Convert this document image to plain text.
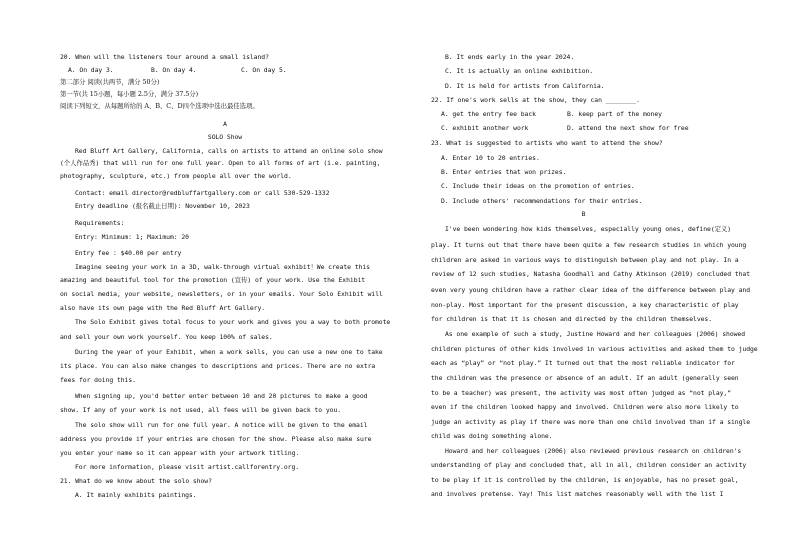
20. When will the listeners tour around a small island?
A. On day 3.	B. On day 4.	C. On day 5.
第二部分 阅读(共两节，满分 50分)
第一节(共 15小题，每小题 2.5分，满分 37.5分)
阅读下列短文，从每题所给的 A、B、C、D四个选项中选出最佳选项。
A
SOLO Show
Red Bluff Art Gallery, California, calls on artists to attend an online solo show
(个人作品秀) that will run for one full year. Open to all forms of art (i.e. painting,
photography, sculpture, etc.) from people all over the world.
Contact: email director@redbluffartgallery.com or call 530-529-1332
Entry deadline (报名截止日期): November 10, 2023
Requirements:
Entry: Minimum: 1; Maximum: 20
Entry fee : $40.00 per entry
Imagine seeing your work in a 3D, walk-through virtual exhibit！We create this
amazing and beautiful tool for the promotion (宣传) of your work. Use the Exhibit
on social media, your website, newsletters, or in your emails. Your Solo Exhibit will
also have its own page with the Red Bluff Art Gallery.
The Solo Exhibit gives total focus to your work and gives you a way to both promote
and sell your own work yourself. You keep 100% of sales.
During the year of your Exhibit, when a work sells, you can use a new one to take
its place. You can also make changes to descriptions and prices. There are no extra
fees for doing this.
When signing up, you'd better enter between 10 and 20 pictures to make a good
show. If any of your work is not used, all fees will be given back to you.
The solo show will run for one full year. A notice will be given to the email
address you provide if your entries are chosen for the show. Please also make sure
you enter your name so it can appear with your artwork titling.
For more information, please visit artist.callforentry.org.
21. What do we know about the solo show?
A. It mainly exhibits paintings.
B. It ends early in the year 2024.
C. It is actually an online exhibition.
D. It is held for artists from California.
22. If one's work sells at the show, they can ________.
A. get the entry fee back	B. keep part of the money
C. exhibit another work	D. attend the next show for free
23. What is suggested to artists who want to attend the show?
A. Enter 10 to 20 entries.
B. Enter entries that won prizes.
C. Include their ideas on the promotion of entries.
D. Include others' recommendations for their entries.
B
I've been wondering how kids themselves, especially young ones, define(定义)
play. It turns out that there have been quite a few research studies in which young
children are asked in various ways to distinguish between play and not play. In a
review of 12 such studies, Natasha Goodhall and Cathy Atkinson (2019) concluded that
even very young children have a rather clear idea of the difference between play and
non-play. Most important for the present discussion, a key characteristic of play
for children is that it is chosen and directed by the children themselves.
As one example of such a study, Justine Howard and her colleagues (2006) showed
children pictures of other kids involved in various activities and asked them to judge
each as “play” or “not play.” It turned out that the most reliable indicator for
the children was the presence or absence of an adult. If an adult (generally seen
to be a teacher) was present, the activity was most often judged as “not play,”
even if the children looked happy and involved. Children were also more likely to
judge an activity as play if there was more than one child involved than if a single
child was doing something alone.
Howard and her colleagues (2006) also reviewed previous research on children's
understanding of play and concluded that, all in all, children consider an activity
to be play if it is controlled by the children, is enjoyable, has no preset goal,
and involves pretense. Yay! This list matches reasonably well with the list I
